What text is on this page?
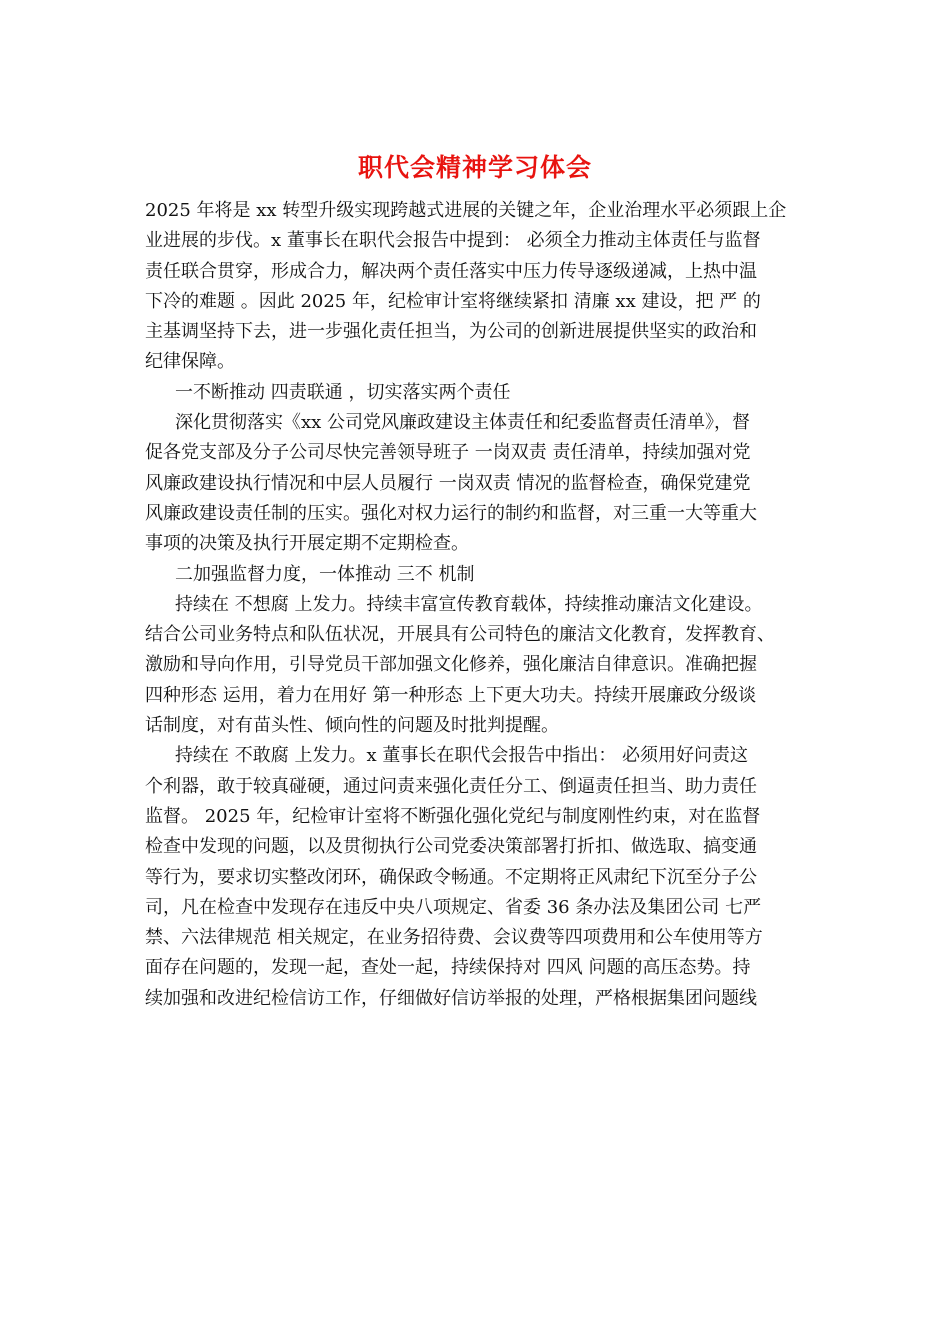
职代会精神学习体会
2025 年将是 xx 转型升级实现跨越式进展的关键之年，企业治理水平必须跟上企
业进展的步伐。x 董事长在职代会报告中提到： 必须全力推动主体责任与监督
责任联合贯穿，形成合力，解决两个责任落实中压力传导逐级递减，上热中温
下冷的难题 。因此 2025 年，纪检审计室将继续紧扣 清廉 xx 建设，把 严 的
主基调坚持下去，进一步强化责任担当，为公司的创新进展提供坚实的政治和
纪律保障。
一不断推动 四责联通 ，切实落实两个责任
深化贯彻落实《xx 公司党风廉政建设主体责任和纪委监督责任清单》，督
促各党支部及分子公司尽快完善领导班子 一岗双责 责任清单，持续加强对党
风廉政建设执行情况和中层人员履行 一岗双责 情况的监督检查，确保党建党
风廉政建设责任制的压实。强化对权力运行的制约和监督，对三重一大等重大
事项的决策及执行开展定期不定期检查。
二加强监督力度，一体推动 三不 机制
持续在 不想腐 上发力。持续丰富宣传教育载体，持续推动廉洁文化建设。
结合公司业务特点和队伍状况，开展具有公司特色的廉洁文化教育，发挥教育、
激励和导向作用，引导党员干部加强文化修养，强化廉洁自律意识。准确把握
四种形态 运用，着力在用好 第一种形态 上下更大功夫。持续开展廉政分级谈
话制度，对有苗头性、倾向性的问题及时批判提醒。
持续在 不敢腐 上发力。x 董事长在职代会报告中指出： 必须用好问责这
个利器，敢于较真碰硬，通过问责来强化责任分工、倒逼责任担当、助力责任
监督。 2025 年，纪检审计室将不断强化强化党纪与制度刚性约束，对在监督
检查中发现的问题，以及贯彻执行公司党委决策部署打折扣、做选取、搞变通
等行为，要求切实整改闭环，确保政令畅通。不定期将正风肃纪下沉至分子公
司，凡在检查中发现存在违反中央八项规定、省委 36 条办法及集团公司 七严
禁、六法律规范 相关规定，在业务招待费、会议费等四项费用和公车使用等方
面存在问题的，发现一起，查处一起，持续保持对 四风 问题的高压态势。持
续加强和改进纪检信访工作，仔细做好信访举报的处理，严格根据集团问题线
